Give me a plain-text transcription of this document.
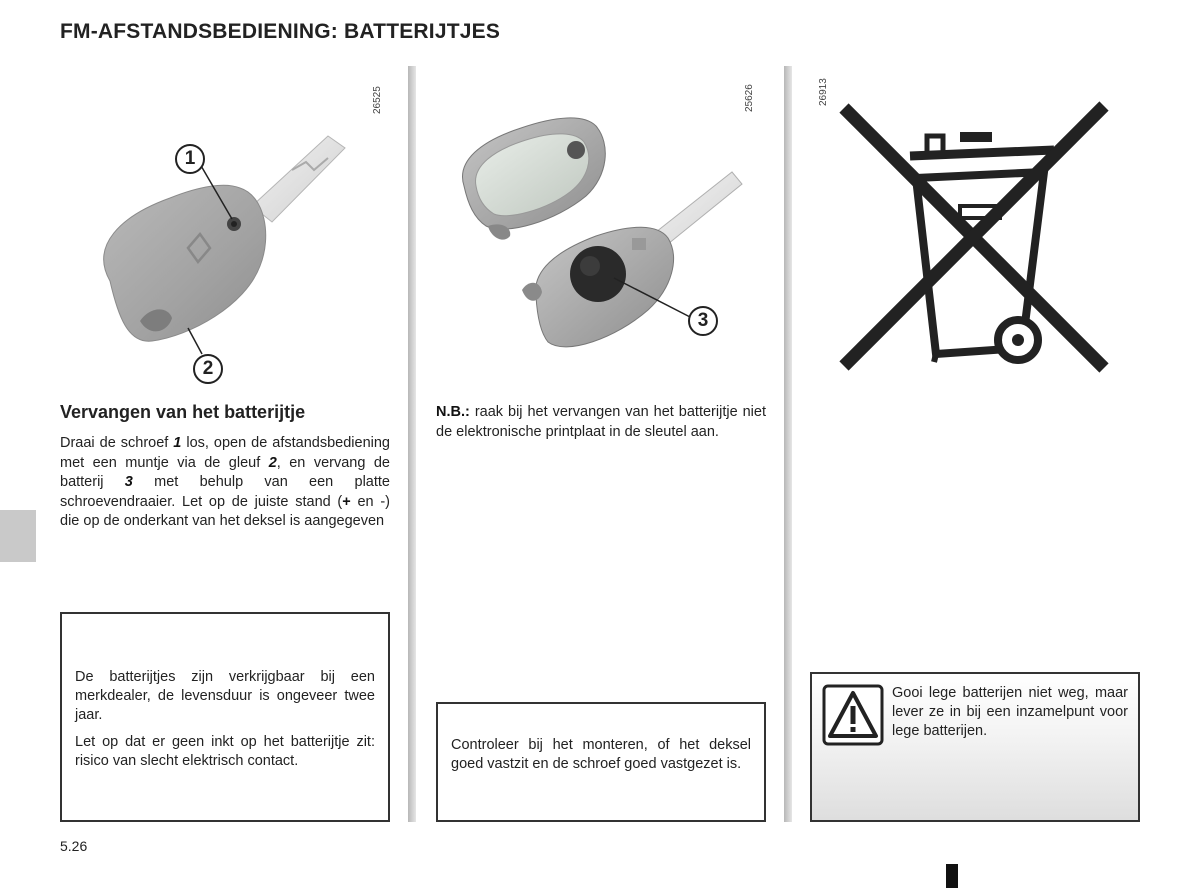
FM-AFSTANDSBEDIENING: BATTERIJTJES
26525
1
2
25626
3
26913
Vervangen van het batterijtje
Draai de schroef 1 los, open de afstandsbediening met een muntje via de gleuf 2, en vervang de batterij 3 met behulp van een platte schroevendraaier. Let op de juiste stand (+ en -) die op de onderkant van het deksel is aangegeven

De batterijtjes zijn verkrijgbaar bij een merkdealer, de levensduur is ongeveer twee jaar.

Let op dat er geen inkt op het batterijtje zit: risico van slecht elektrisch contact.

N.B.: raak bij het vervangen van het batterijtje niet de elektronische printplaat in de sleutel aan.

Controleer bij het monteren, of het deksel goed vastzit en de schroef goed vastgezet is.

Gooi lege batterijen niet weg, maar lever ze in bij een inzamelpunt voor lege batterijen.

5.26
